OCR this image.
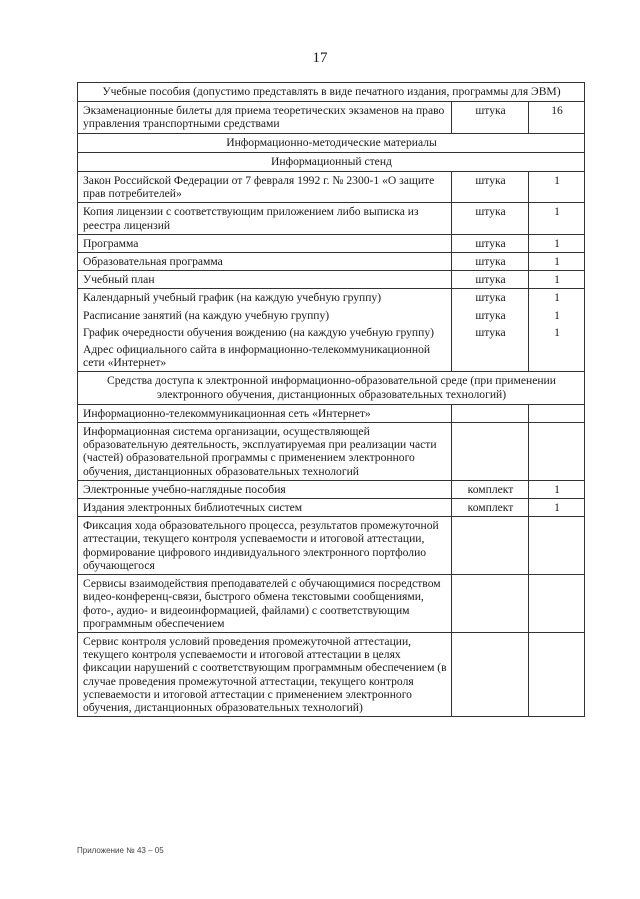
17
Учебные пособия (допустимо представлять в виде печатного издания, программы для ЭВМ)		
Экзаменационные билеты для приема теоретических экзаменов на право управления транспортными средствами	штука	16
Информационно-методические материалы		
Информационный стенд		
Закон Российской Федерации от 7 февраля 1992 г. № 2300-1 «О защите прав потребителей»	штука	1
Копия лицензии с соответствующим приложением либо выписка из реестра лицензий	штука	1
Программа	штука	1
Образовательная программа	штука	1
Учебный план	штука	1
Календарный учебный график (на каждую учебную группу)	штука	1
Расписание занятий (на каждую учебную группу)	штука	1
График очередности обучения вождению (на каждую учебную группу)	штука	1
Адрес официального сайта в информационно-телекоммуникационной сети «Интернет»		
Средства доступа к электронной информационно-образовательной среде (при применении электронного обучения, дистанционных образовательных технологий)		
Информационно-телекоммуникационная сеть «Интернет»		
Информационная система организации, осуществляющей образовательную деятельность, эксплуатируемая при реализации части (частей) образовательной программы с применением электронного обучения, дистанционных образовательных технологий		
Электронные учебно-наглядные пособия	комплект	1
Издания электронных библиотечных систем	комплект	1
Фиксация хода образовательного процесса, результатов промежуточной аттестации, текущего контроля успеваемости и итоговой аттестации, формирование цифрового индивидуального электронного портфолио обучающегося		
Сервисы взаимодействия преподавателей с обучающимися посредством видео-конференц-связи, быстрого обмена текстовыми сообщениями, фото-, аудио- и видеоинформацией, файлами) с соответствующим программным обеспечением		
Сервис контроля условий проведения промежуточной аттестации, текущего контроля успеваемости и итоговой аттестации в целях фиксации нарушений с соответствующим программным обеспечением (в случае проведения промежуточной аттестации, текущего контроля успеваемости и итоговой аттестации с применением электронного обучения, дистанционных образовательных технологий)		
Приложение № 43 – 05
